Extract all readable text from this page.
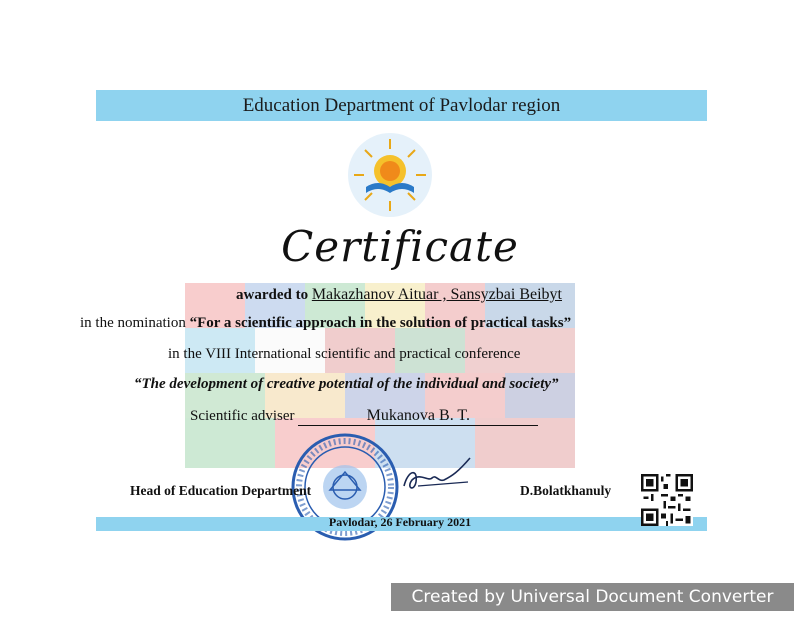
Education Department of Pavlodar region
Certificate
awarded to Makazhanov Aituar , Sansyzbai Beibyt
in the nomination “For a scientific approach in the solution of practical tasks”
in the VIII International scientific and practical conference
“The development of creative potential of the individual and society”
Scientific adviser	Mukanova B. T.
Head of Education Department	D.Bolatkhanuly
Pavlodar, 26 February 2021
Created by Universal Document Converter
